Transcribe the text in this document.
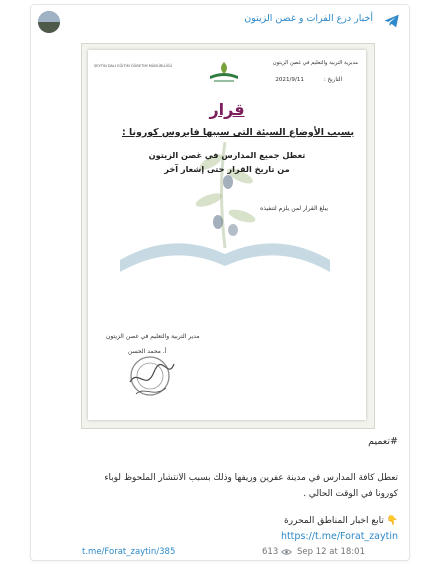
أخبار درع الفرات و غصن الزيتون
SEYTİN DALI EĞİTİM ÖĞRETİM MÜDÜRLÜĞÜ	مديرية التربية والتعليم في غصن الزيتون
2021/9/11	التاريخ :
قرار
بسبب الأوضاع السيئة التي سببها فايروس كورونا :
تعطل جميع المدارس في غصن الزيتون
من تاريخ القرار حتى إشعار آخر
يبلغ القرار لمن يلزم لتنفيذه
مدير التربية والتعليم في غصن الزيتون
أ. محمد الحسن
#تعميم
تعطل كافة المدارس في مدينة عفرين وريفها وذلك بسبب الانتشار الملحوظ لوباء
كورونا في الوقت الحالي .
👇 تابع اخبار المناطق المحررة
https://t.me/Forat_zaytin
t.me/Forat_zaytin/385	613 Sep 12 at 18:01
